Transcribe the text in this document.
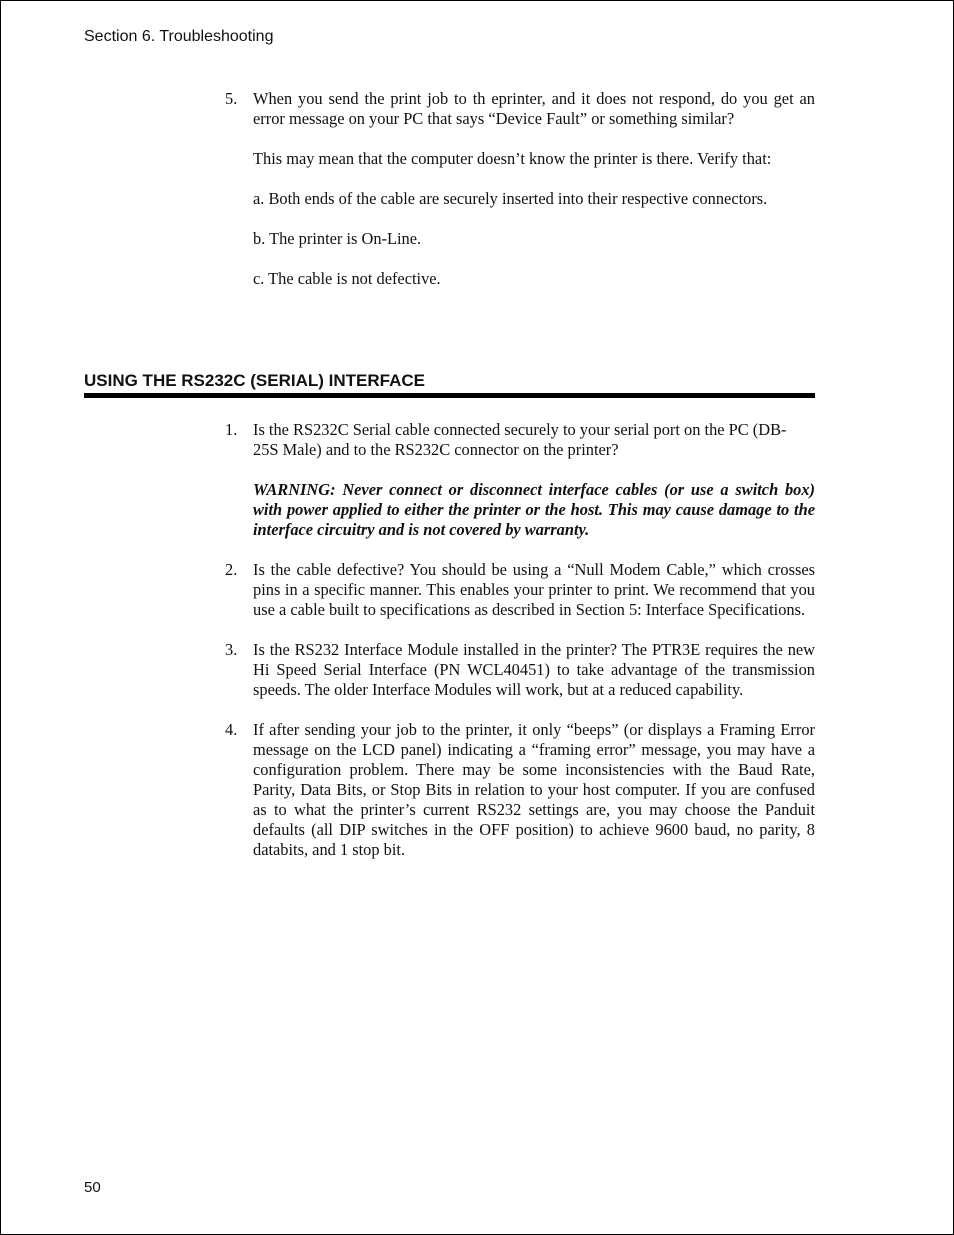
Section 6. Troubleshooting
5. When you send the print job to th eprinter, and it does not respond, do you get an error message on your PC that says “Device Fault” or something similar?

This may mean that the computer doesn’t know the printer is there. Verify that:

a. Both ends of the cable are securely inserted into their respective connectors.

b. The printer is On-Line.

c. The cable is not defective.

USING THE RS232C (SERIAL) INTERFACE
1. Is the RS232C Serial cable connected securely to your serial port on the PC (DB- 25S Male) and to the RS232C connector on the printer?

WARNING: Never connect or disconnect interface cables (or use a switch box) with power applied to either the printer or the host. This may cause damage to the interface circuitry and is not covered by warranty.

2. Is the cable defective? You should be using a “Null Modem Cable,” which crosses pins in a specific manner. This enables your printer to print. We recommend that you use a cable built to specifications as described in Section 5: Interface Specifications.

3. Is the RS232 Interface Module installed in the printer? The PTR3E requires the new Hi Speed Serial Interface (PN WCL40451) to take advantage of the transmission speeds. The older Interface Modules will work, but at a reduced capability.

4. If after sending your job to the printer, it only “beeps” (or displays a Framing Error message on the LCD panel) indicating a “framing error” message, you may have a configuration problem. There may be some inconsistencies with the Baud Rate, Parity, Data Bits, or Stop Bits in relation to your host computer. If you are confused as to what the printer’s current RS232 settings are, you may choose the Panduit defaults (all DIP switches in the OFF position) to achieve 9600 baud, no parity, 8 databits, and 1 stop bit.

50
